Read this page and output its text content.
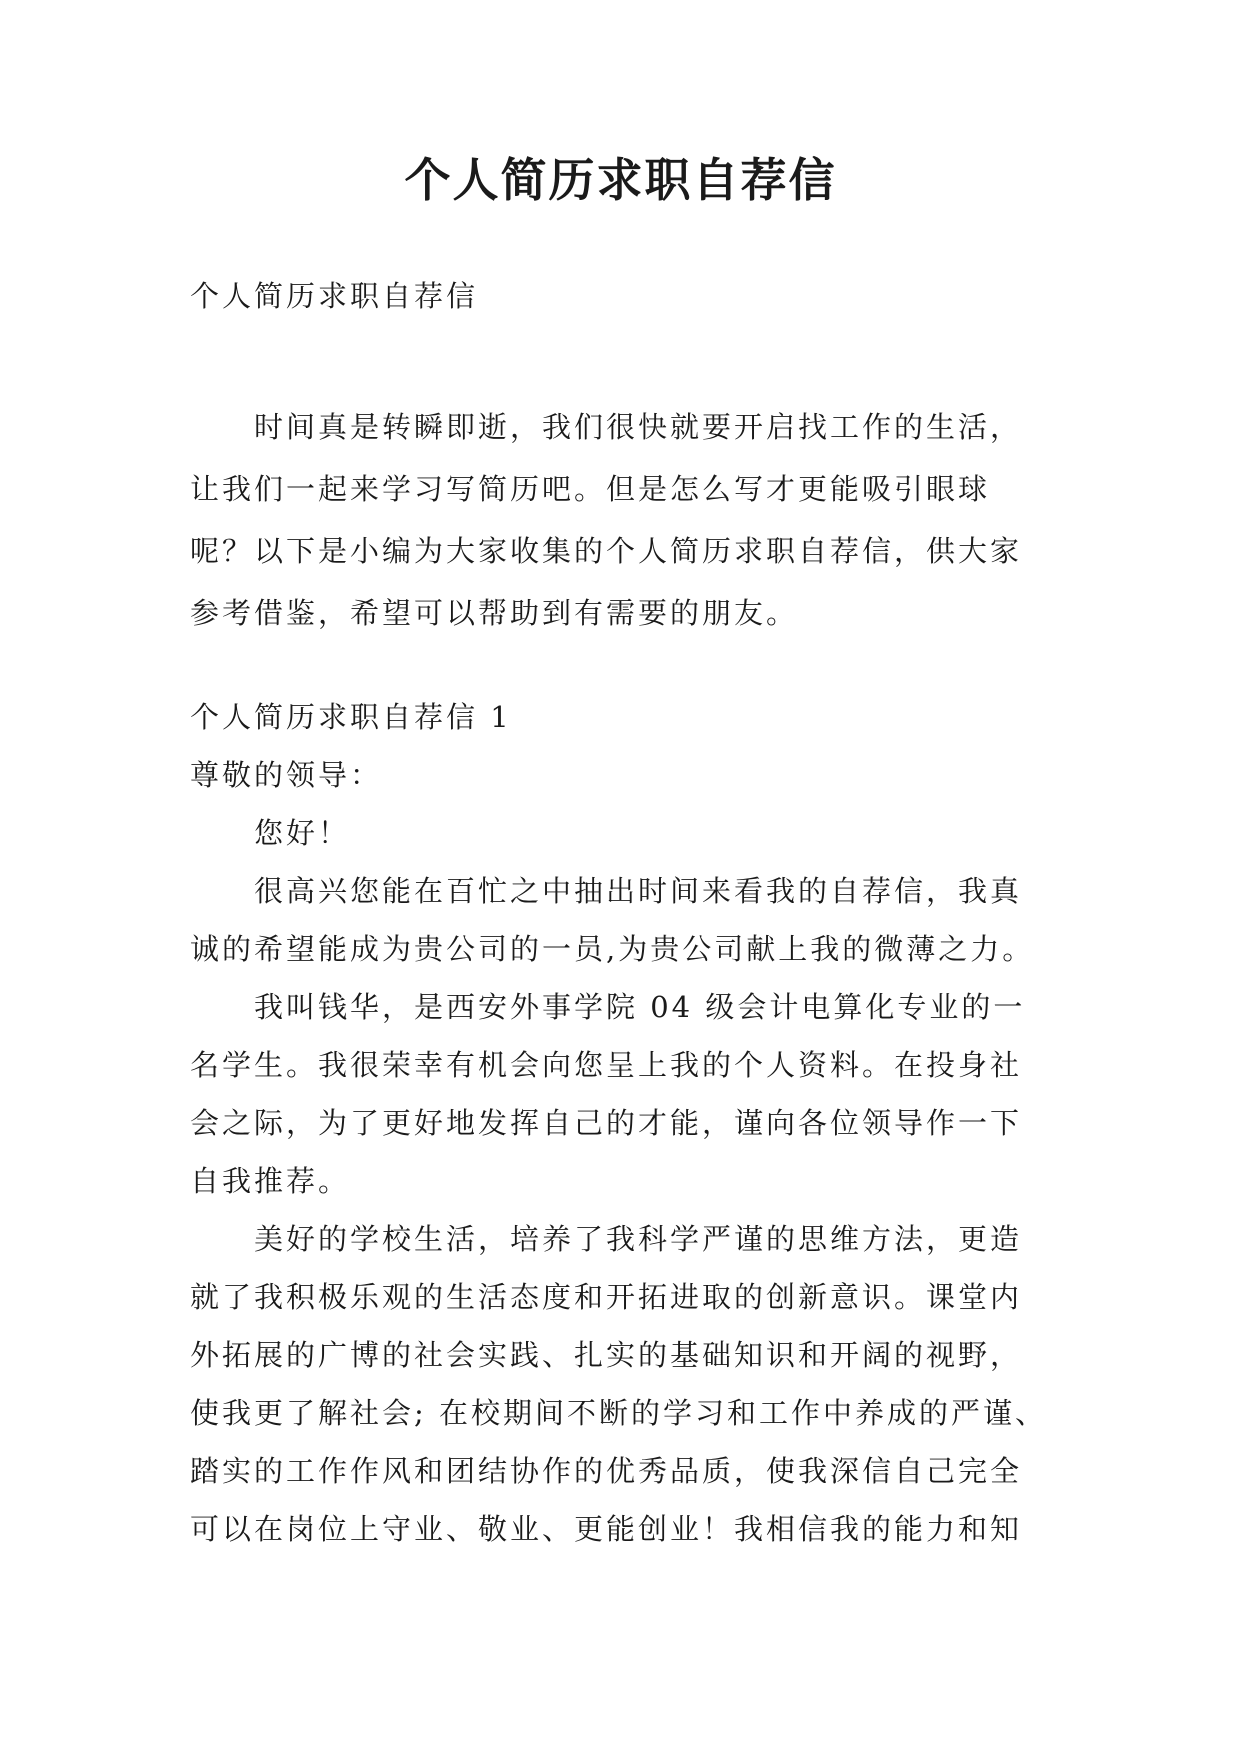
个人简历求职自荐信
个人简历求职自荐信
时间真是转瞬即逝，我们很快就要开启找工作的生活，
让我们一起来学习写简历吧。但是怎么写才更能吸引眼球
呢？以下是小编为大家收集的个人简历求职自荐信，供大家
参考借鉴，希望可以帮助到有需要的朋友。
个人简历求职自荐信 1
尊敬的领导：
您好！
很高兴您能在百忙之中抽出时间来看我的自荐信，我真
诚的希望能成为贵公司的一员,为贵公司献上我的微薄之力。
我叫钱华，是西安外事学院 04 级会计电算化专业的一
名学生。我很荣幸有机会向您呈上我的个人资料。在投身社
会之际，为了更好地发挥自己的才能，谨向各位领导作一下
自我推荐。
美好的学校生活，培养了我科学严谨的思维方法，更造
就了我积极乐观的生活态度和开拓进取的创新意识。课堂内
外拓展的广博的社会实践、扎实的基础知识和开阔的视野，
使我更了解社会; 在校期间不断的学习和工作中养成的严谨、
踏实的工作作风和团结协作的优秀品质，使我深信自己完全
可以在岗位上守业、敬业、更能创业！我相信我的能力和知
